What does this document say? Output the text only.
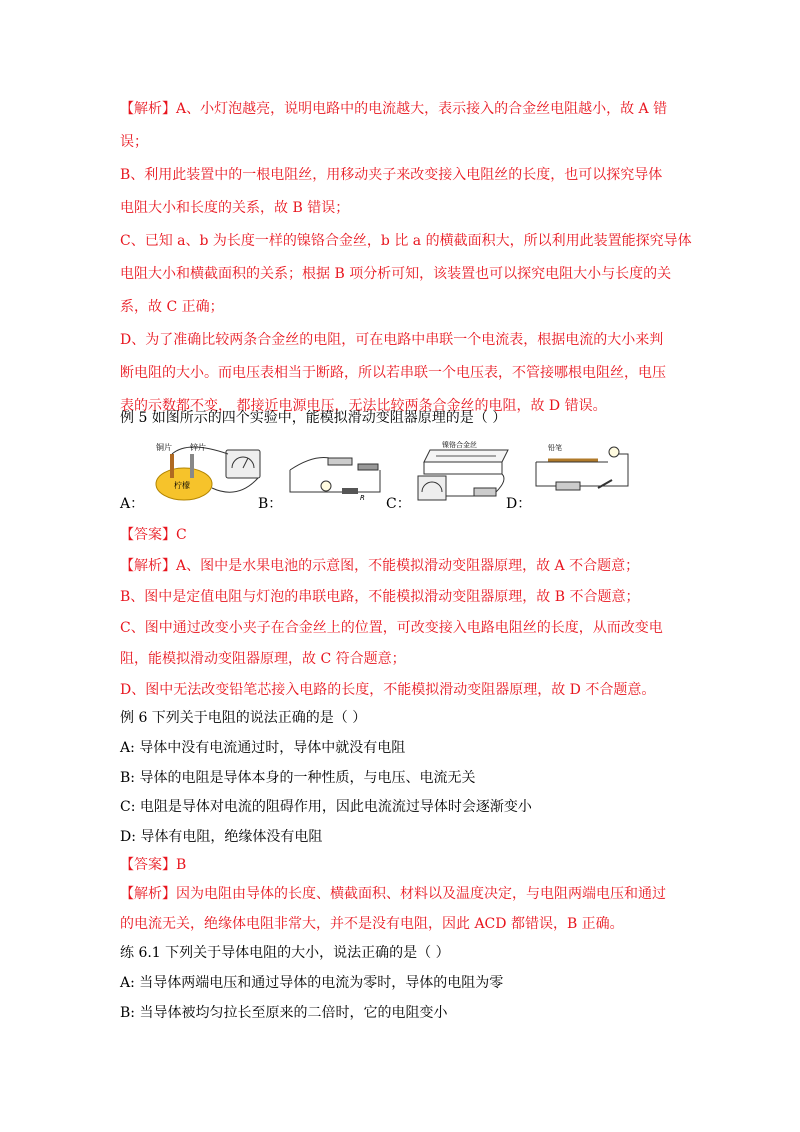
【解析】A、小灯泡越亮，说明电路中的电流越大，表示接入的合金丝电阻越小，故 A 错
误；
B、利用此装置中的一根电阻丝，用移动夹子来改变接入电阻丝的长度，也可以探究导体
电阻大小和长度的关系，故 B 错误；
C、已知 a、b 为长度一样的镍铬合金丝，b 比 a 的横截面积大，所以利用此装置能探究导体
电阻大小和横截面积的关系；根据 B 项分析可知，该装置也可以探究电阻大小与长度的关
系，故 C 正确；
D、为了准确比较两条合金丝的电阻，可在电路中串联一个电流表，根据电流的大小来判
断电阻的大小。而电压表相当于断路，所以若串联一个电压表，不管接哪根电阻丝，电压
表的示数都不变， 都接近电源电压，无法比较两条合金丝的电阻，故 D 错误。
例 5 如图所示的四个实验中，能模拟滑动变阻器原理的是（ ）
A：
铜片 锌片
柠檬
B：	R C：
镍铬合金丝
D：
铅笔
【答案】C
【解析】A、图中是水果电池的示意图，不能模拟滑动变阻器原理，故 A 不合题意；
B、图中是定值电阻与灯泡的串联电路，不能模拟滑动变阻器原理，故 B 不合题意；
C、图中通过改变小夹子在合金丝上的位置，可改变接入电路电阻丝的长度，从而改变电
阻，能模拟滑动变阻器原理，故 C 符合题意；
D、图中无法改变铅笔芯接入电路的长度，不能模拟滑动变阻器原理，故 D 不合题意。
例 6 下列关于电阻的说法正确的是（ ）
A: 导体中没有电流通过时，导体中就没有电阻
B: 导体的电阻是导体本身的一种性质，与电压、电流无关
C: 电阻是导体对电流的阻碍作用，因此电流流过导体时会逐渐变小
D: 导体有电阻，绝缘体没有电阻
【答案】B
【解析】因为电阻由导体的长度、横截面积、材料以及温度决定，与电阻两端电压和通过
的电流无关，绝缘体电阻非常大，并不是没有电阻，因此 ACD 都错误，B 正确。
练 6.1 下列关于导体电阻的大小，说法正确的是（ ）
A: 当导体两端电压和通过导体的电流为零时，导体的电阻为零
B: 当导体被均匀拉长至原来的二倍时，它的电阻变小
